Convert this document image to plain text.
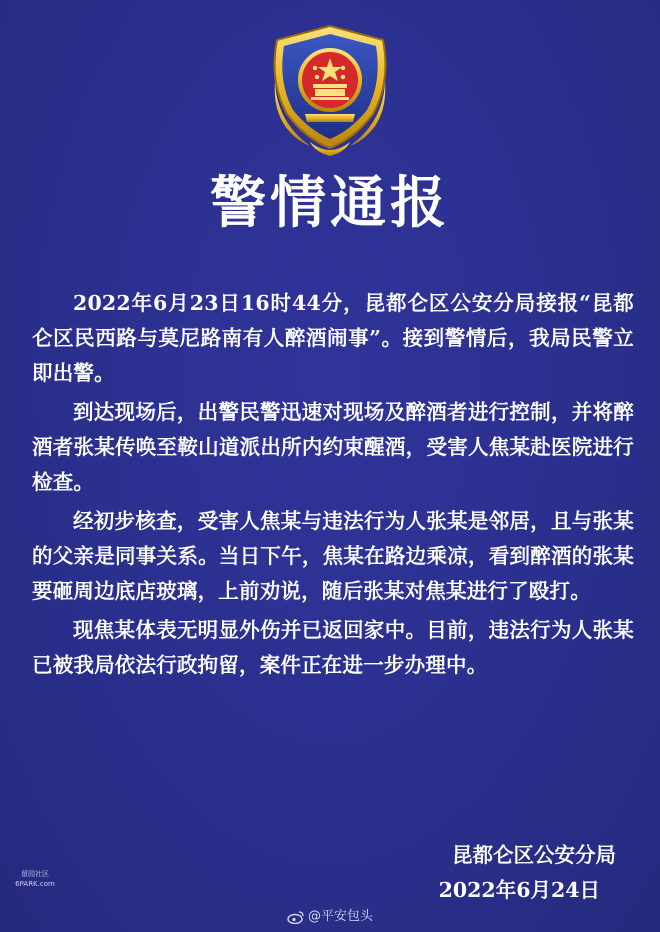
警情通报

2022年6月23日16时44分，昆都仑区公安分局接报“昆都仑区民西路与莫尼路南有人醉酒闹事”。接到警情后，我局民警立即出警。

到达现场后，出警民警迅速对现场及醉酒者进行控制，并将醉酒者张某传唤至鞍山道派出所内约束醒酒，受害人焦某赴医院进行检查。

经初步核查，受害人焦某与违法行为人张某是邻居，且与张某的父亲是同事关系。当日下午，焦某在路边乘凉，看到醉酒的张某要砸周边底店玻璃，上前劝说，随后张某对焦某进行了殴打。

现焦某体表无明显外伤并已返回家中。目前，违法行为人张某已被我局依法行政拘留，案件正在进一步办理中。

昆都仑区公安分局
2022年6月24日
留园社区
6PARK.com
@平安包头
